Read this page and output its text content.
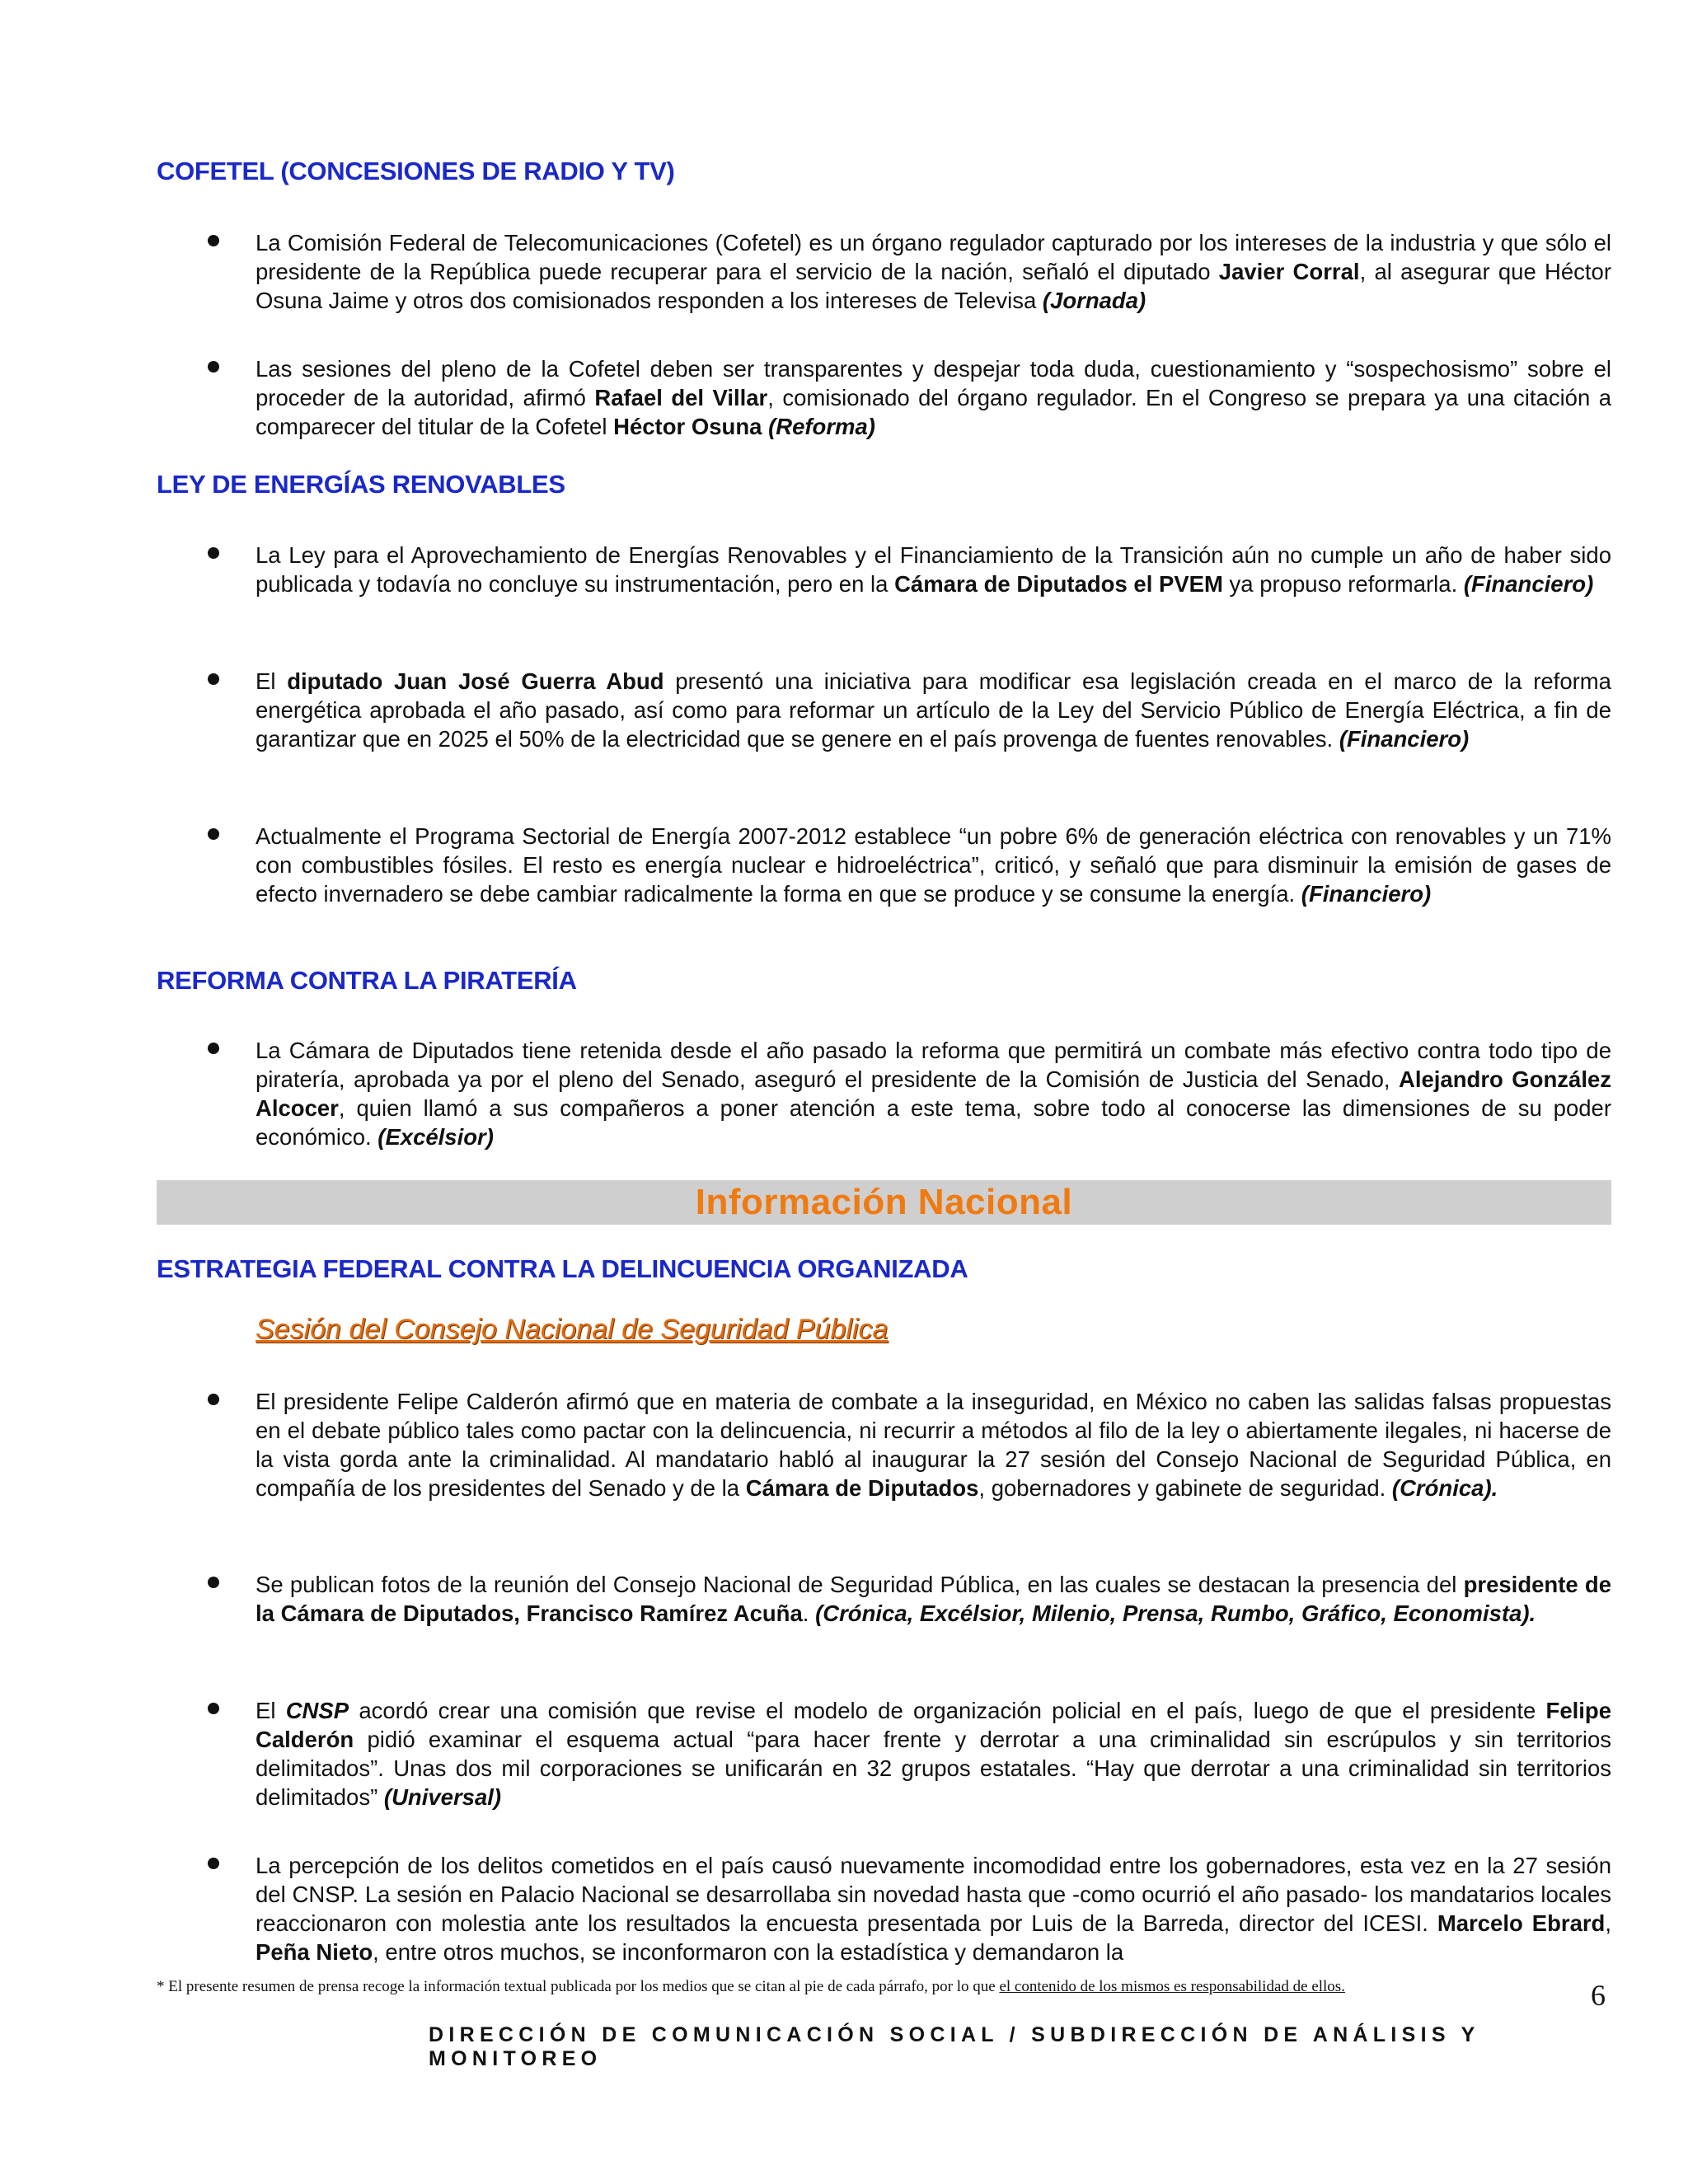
COFETEL (CONCESIONES DE RADIO Y TV)
La Comisión Federal de Telecomunicaciones (Cofetel) es un órgano regulador capturado por los intereses de la industria y que sólo el presidente de la República puede recuperar para el servicio de la nación, señaló el diputado Javier Corral, al asegurar que Héctor Osuna Jaime y otros dos comisionados responden a los intereses de Televisa (Jornada)
Las sesiones del pleno de la Cofetel deben ser transparentes y despejar toda duda, cuestionamiento y “sospechosismo” sobre el proceder de la autoridad, afirmó Rafael del Villar, comisionado del órgano regulador. En el Congreso se prepara ya una citación a comparecer del titular de la Cofetel Héctor Osuna (Reforma)
LEY DE ENERGÍAS RENOVABLES
La Ley para el Aprovechamiento de Energías Renovables y el Financiamiento de la Transición aún no cumple un año de haber sido publicada y todavía no concluye su instrumentación, pero en la Cámara de Diputados el PVEM ya propuso reformarla. (Financiero)
El diputado Juan José Guerra Abud presentó una iniciativa para modificar esa legislación creada en el marco de la reforma energética aprobada el año pasado, así como para reformar un artículo de la Ley del Servicio Público de Energía Eléctrica, a fin de garantizar que en 2025 el 50% de la electricidad que se genere en el país provenga de fuentes renovables. (Financiero)
Actualmente el Programa Sectorial de Energía 2007-2012 establece “un pobre 6% de generación eléctrica con renovables y un 71% con combustibles fósiles. El resto es energía nuclear e hidroeléctrica”, criticó, y señaló que para disminuir la emisión de gases de efecto invernadero se debe cambiar radicalmente la forma en que se produce y se consume la energía. (Financiero)
REFORMA CONTRA LA PIRATERÍA
La Cámara de Diputados tiene retenida desde el año pasado la reforma que permitirá un combate más efectivo contra todo tipo de piratería, aprobada ya por el pleno del Senado, aseguró el presidente de la Comisión de Justicia del Senado, Alejandro González Alcocer, quien llamó a sus compañeros a poner atención a este tema, sobre todo al conocerse las dimensiones de su poder económico. (Excélsior)
Información Nacional
ESTRATEGIA FEDERAL CONTRA LA DELINCUENCIA ORGANIZADA
Sesión del Consejo Nacional de Seguridad Pública
El presidente Felipe Calderón afirmó que en materia de combate a la inseguridad, en México no caben las salidas falsas propuestas en el debate público tales como pactar con la delincuencia, ni recurrir a métodos al filo de la ley o abiertamente ilegales, ni hacerse de la vista gorda ante la criminalidad. Al mandatario habló al inaugurar la 27 sesión del Consejo Nacional de Seguridad Pública, en compañía de los presidentes del Senado y de la Cámara de Diputados, gobernadores y gabinete de seguridad. (Crónica).
Se publican fotos de la reunión del Consejo Nacional de Seguridad Pública, en las cuales se destacan la presencia del presidente de la Cámara de Diputados, Francisco Ramírez Acuña. (Crónica, Excélsior, Milenio, Prensa, Rumbo, Gráfico, Economista).
El CNSP acordó crear una comisión que revise el modelo de organización policial en el país, luego de que el presidente Felipe Calderón pidió examinar el esquema actual “para hacer frente y derrotar a una criminalidad sin escrúpulos y sin territorios delimitados”. Unas dos mil corporaciones se unificarán en 32 grupos estatales. “Hay que derrotar a una criminalidad sin territorios delimitados” (Universal)
La percepción de los delitos cometidos en el país causó nuevamente incomodidad entre los gobernadores, esta vez en la 27 sesión del CNSP. La sesión en Palacio Nacional se desarrollaba sin novedad hasta que -como ocurrió el año pasado- los mandatarios locales reaccionaron con molestia ante los resultados la encuesta presentada por Luis de la Barreda, director del ICESI. Marcelo Ebrard, Peña Nieto, entre otros muchos, se inconformaron con la estadística y demandaron la
* El presente resumen de prensa recoge la información textual publicada por los medios que se citan al pie de cada párrafo, por lo que el contenido de los mismos es responsabilidad de ellos.	6
DIRECCIÓN DE COMUNICACIÓN SOCIAL / SUBDIRECCIÓN DE ANÁLISIS Y MONITOREO
